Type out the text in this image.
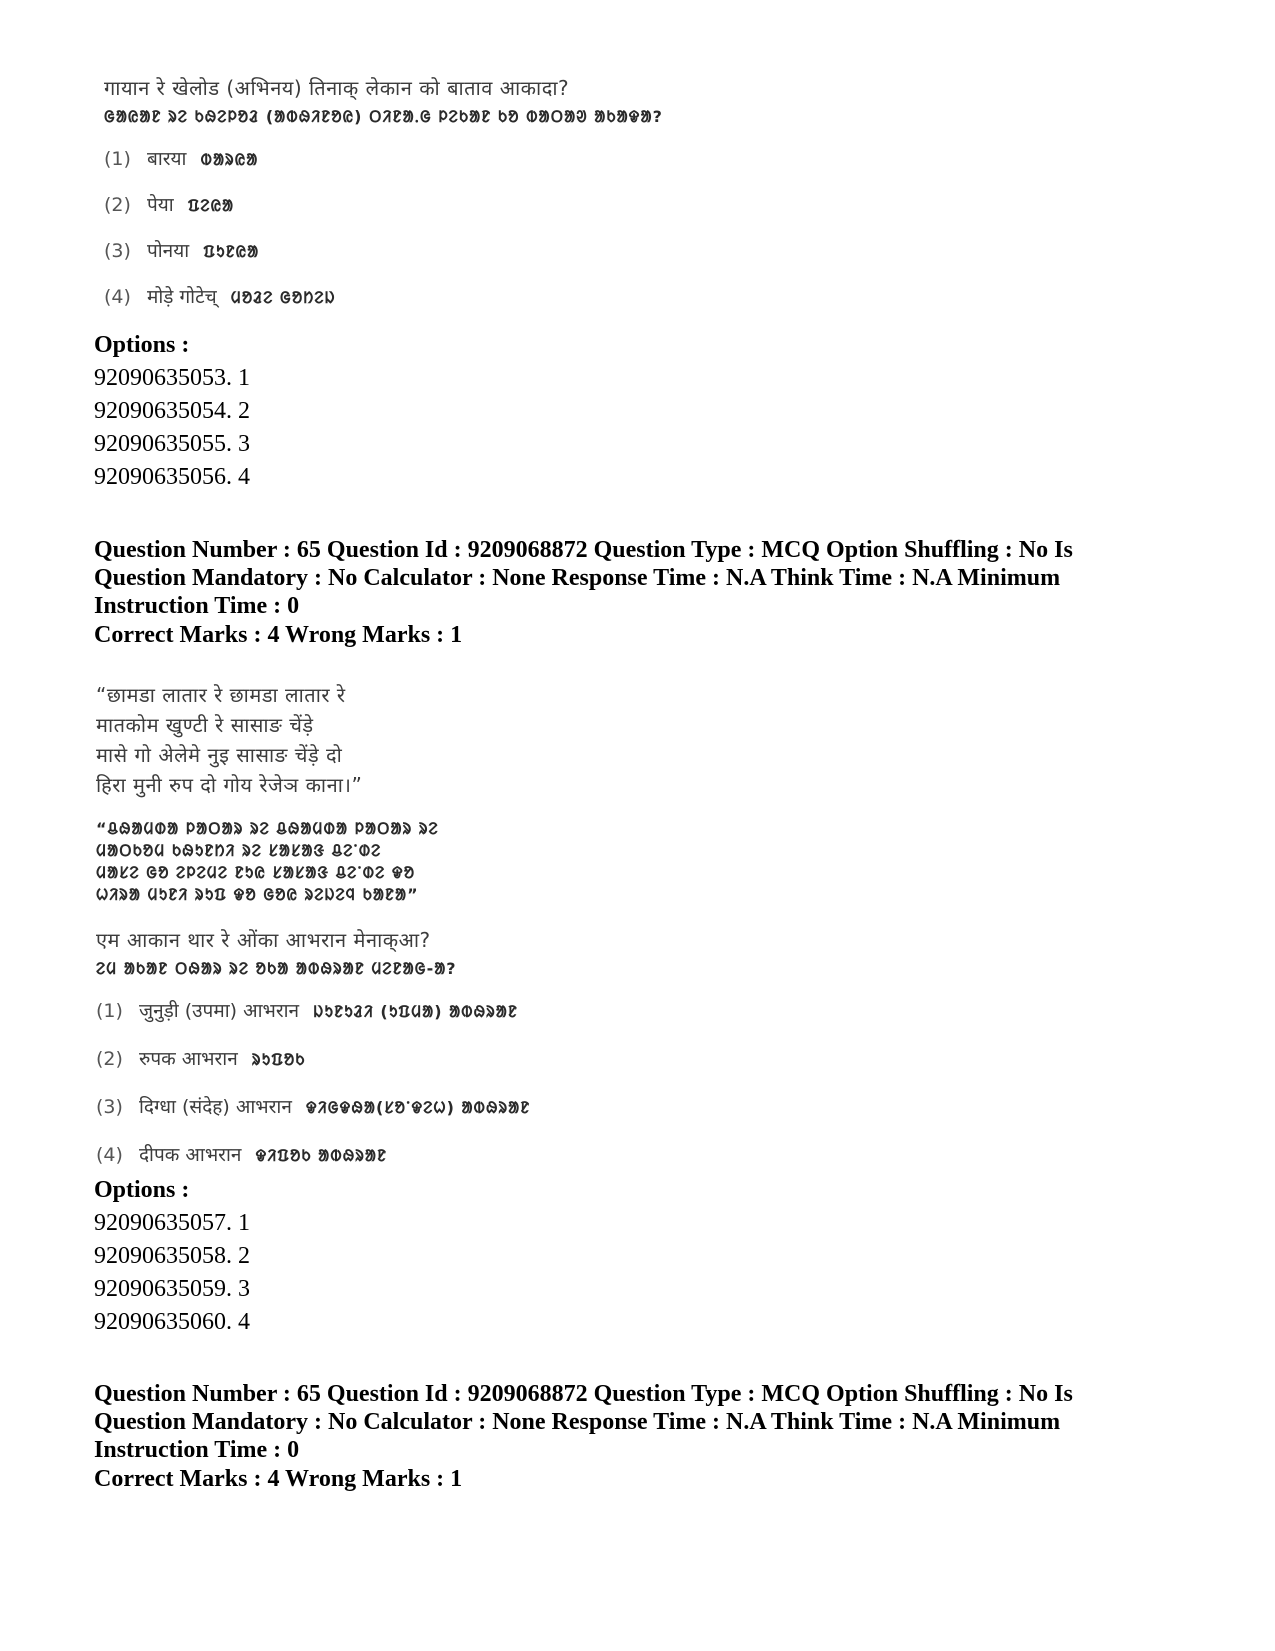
गायान रे खेलोड (अभिनय) तिनाक् लेकान को बाताव आकादा?
ᱜᱟᱭᱟᱱ ᱨᱮ ᱠᱷᱮᱞᱚᱲ (ᱟᱵᱷᱤᱱᱚᱭ) ᱛᱤᱱᱟᱹᱜ ᱞᱮᱠᱟᱱ ᱠᱚ ᱵᱟᱛᱟᱣ ᱟᱠᱟᱫᱟ?
(1) बारया ᱵᱟᱨᱭᱟ
(2) पेया ᱯᱮᱭᱟ
(3) पोनया ᱯᱩᱱᱭᱟ
(4) मोड़े गोटेच् ᱢᱚᱲᱮ ᱜᱚᱴᱮᱡ
Options :
92090635053. 1
92090635054. 2
92090635055. 3
92090635056. 4
Question Number : 65 Question Id : 9209068872 Question Type : MCQ Option Shuffling : No Is
Question Mandatory : No Calculator : None Response Time : N.A Think Time : N.A Minimum
Instruction Time : 0
Correct Marks : 4 Wrong Marks : 1
“छामडा लातार रे छामडा लातार रे
मातकोम खुण्टी रे सासाङ चेंड़े
मासे गो अेलेमे नुइ सासाङ चेंड़े दो
हिरा मुनी रुप दो गोय रेजेञ काना।”
“ᱪᱷᱟᱢᱰᱟ ᱞᱟᱛᱟᱨ ᱨᱮ ᱪᱷᱟᱢᱰᱟ ᱞᱟᱛᱟᱨ ᱨᱮ
ᱢᱟᱛᱠᱚᱢ ᱠᱷᱩᱱᱴᱤ ᱨᱮ ᱥᱟᱥᱟᱝ ᱪᱮᱸᱰᱮ
ᱢᱟᱥᱮ ᱜᱚ ᱮᱞᱮᱢᱮ ᱱᱩᱭ ᱥᱟᱥᱟᱝ ᱪᱮᱸᱰᱮ ᱫᱚ
ᱦᱤᱨᱟ ᱢᱩᱱᱤ ᱨᱩᱯ ᱫᱚ ᱜᱚᱭ ᱨᱮᱡᱮᱧ ᱠᱟᱱᱟ”
एम आकान थार रे ओंका आभरान मेनाक्आ?
ᱮᱢ ᱟᱠᱟᱱ ᱛᱷᱟᱨ ᱨᱮ ᱚᱠᱟ ᱟᱵᱷᱨᱟᱱ ᱢᱮᱱᱟᱜ-ᱟ?
(1) जुनुड़ी (उपमा) आभरान ᱡᱩᱱᱩᱲᱤ (ᱩᱯᱢᱟ) ᱟᱵᱷᱨᱟᱱ
(2) रुपक आभरान ᱨᱩᱯᱚᱠ
(3) दिग्धा (संदेह) आभरान ᱫᱤᱜᱫᱷᱟ(ᱥᱚᱸᱫᱮᱦ) ᱟᱵᱷᱨᱟᱱ
(4) दीपक आभरान ᱫᱤᱯᱚᱠ ᱟᱵᱷᱨᱟᱱ
Options :
92090635057. 1
92090635058. 2
92090635059. 3
92090635060. 4
Question Number : 65 Question Id : 9209068872 Question Type : MCQ Option Shuffling : No Is
Question Mandatory : No Calculator : None Response Time : N.A Think Time : N.A Minimum
Instruction Time : 0
Correct Marks : 4 Wrong Marks : 1
